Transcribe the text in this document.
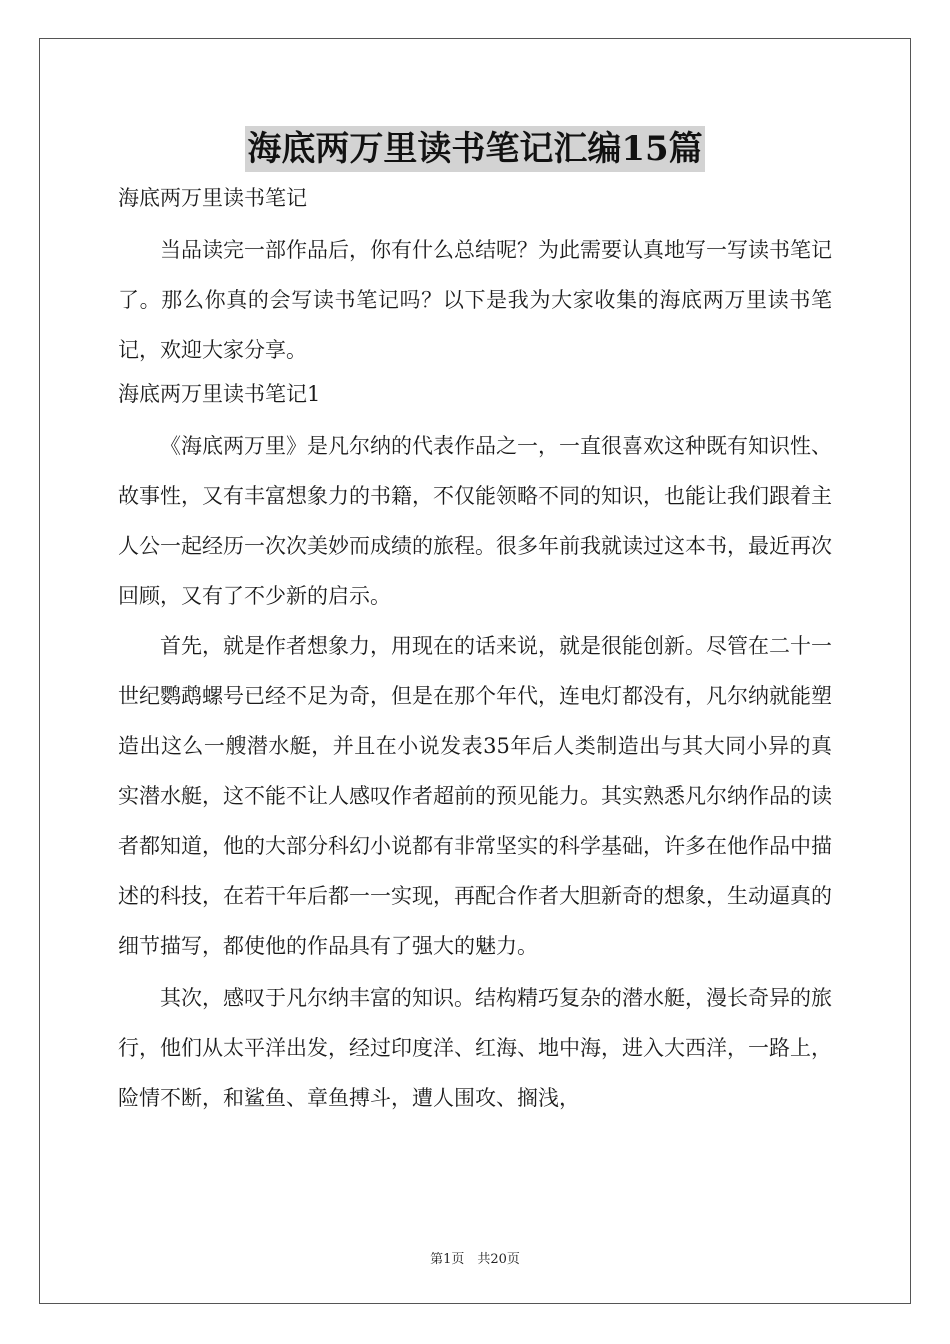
海底两万里读书笔记汇编15篇
海底两万里读书笔记

当品读完一部作品后，你有什么总结呢？为此需要认真地写一写读书笔记了。那么你真的会写读书笔记吗？以下是我为大家收集的海底两万里读书笔记，欢迎大家分享。

海底两万里读书笔记1

《海底两万里》是凡尔纳的代表作品之一，一直很喜欢这种既有知识性、故事性，又有丰富想象力的书籍，不仅能领略不同的知识，也能让我们跟着主人公一起经历一次次美妙而成绩的旅程。很多年前我就读过这本书，最近再次回顾，又有了不少新的启示。

首先，就是作者想象力，用现在的话来说，就是很能创新。尽管在二十一世纪鹦鹉螺号已经不足为奇，但是在那个年代，连电灯都没有，凡尔纳就能塑造出这么一艘潜水艇，并且在小说发表35年后人类制造出与其大同小异的真实潜水艇，这不能不让人感叹作者超前的预见能力。其实熟悉凡尔纳作品的读者都知道，他的大部分科幻小说都有非常坚实的科学基础，许多在他作品中描述的科技，在若干年后都一一实现，再配合作者大胆新奇的想象，生动逼真的细节描写，都使他的作品具有了强大的魅力。

其次，感叹于凡尔纳丰富的知识。结构精巧复杂的潜水艇，漫长奇异的旅行，他们从太平洋出发，经过印度洋、红海、地中海，进入大西洋，一路上，险情不断，和鲨鱼、章鱼搏斗，遭人围攻、搁浅，

第1页　共20页
